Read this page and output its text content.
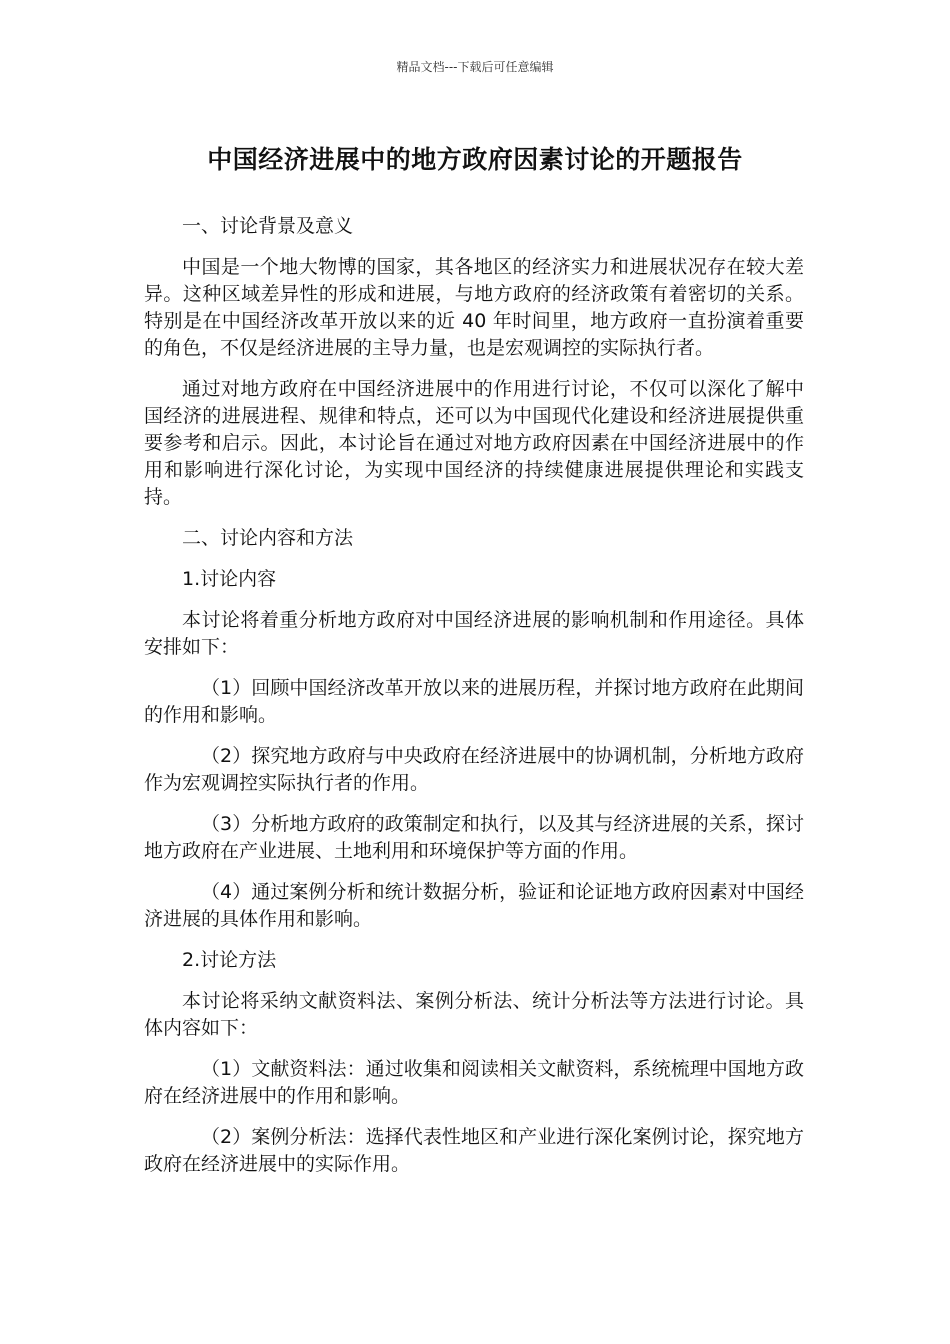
精品文档---下载后可任意编辑
中国经济进展中的地方政府因素讨论的开题报告

一、讨论背景及意义

中国是一个地大物博的国家，其各地区的经济实力和进展状况存在较大差异。这种区域差异性的形成和进展，与地方政府的经济政策有着密切的关系。特别是在中国经济改革开放以来的近 40 年时间里，地方政府一直扮演着重要的角色，不仅是经济进展的主导力量，也是宏观调控的实际执行者。

通过对地方政府在中国经济进展中的作用进行讨论，不仅可以深化了解中国经济的进展进程、规律和特点，还可以为中国现代化建设和经济进展提供重要参考和启示。因此，本讨论旨在通过对地方政府因素在中国经济进展中的作用和影响进行深化讨论，为实现中国经济的持续健康进展提供理论和实践支持。

二、讨论内容和方法

1.讨论内容

本讨论将着重分析地方政府对中国经济进展的影响机制和作用途径。具体安排如下：

（1）回顾中国经济改革开放以来的进展历程，并探讨地方政府在此期间的作用和影响。

（2）探究地方政府与中央政府在经济进展中的协调机制，分析地方政府作为宏观调控实际执行者的作用。

（3）分析地方政府的政策制定和执行，以及其与经济进展的关系，探讨地方政府在产业进展、土地利用和环境保护等方面的作用。

（4）通过案例分析和统计数据分析，验证和论证地方政府因素对中国经济进展的具体作用和影响。

2.讨论方法

本讨论将采纳文献资料法、案例分析法、统计分析法等方法进行讨论。具体内容如下：

（1）文献资料法：通过收集和阅读相关文献资料，系统梳理中国地方政府在经济进展中的作用和影响。

（2）案例分析法：选择代表性地区和产业进行深化案例讨论，探究地方政府在经济进展中的实际作用。
